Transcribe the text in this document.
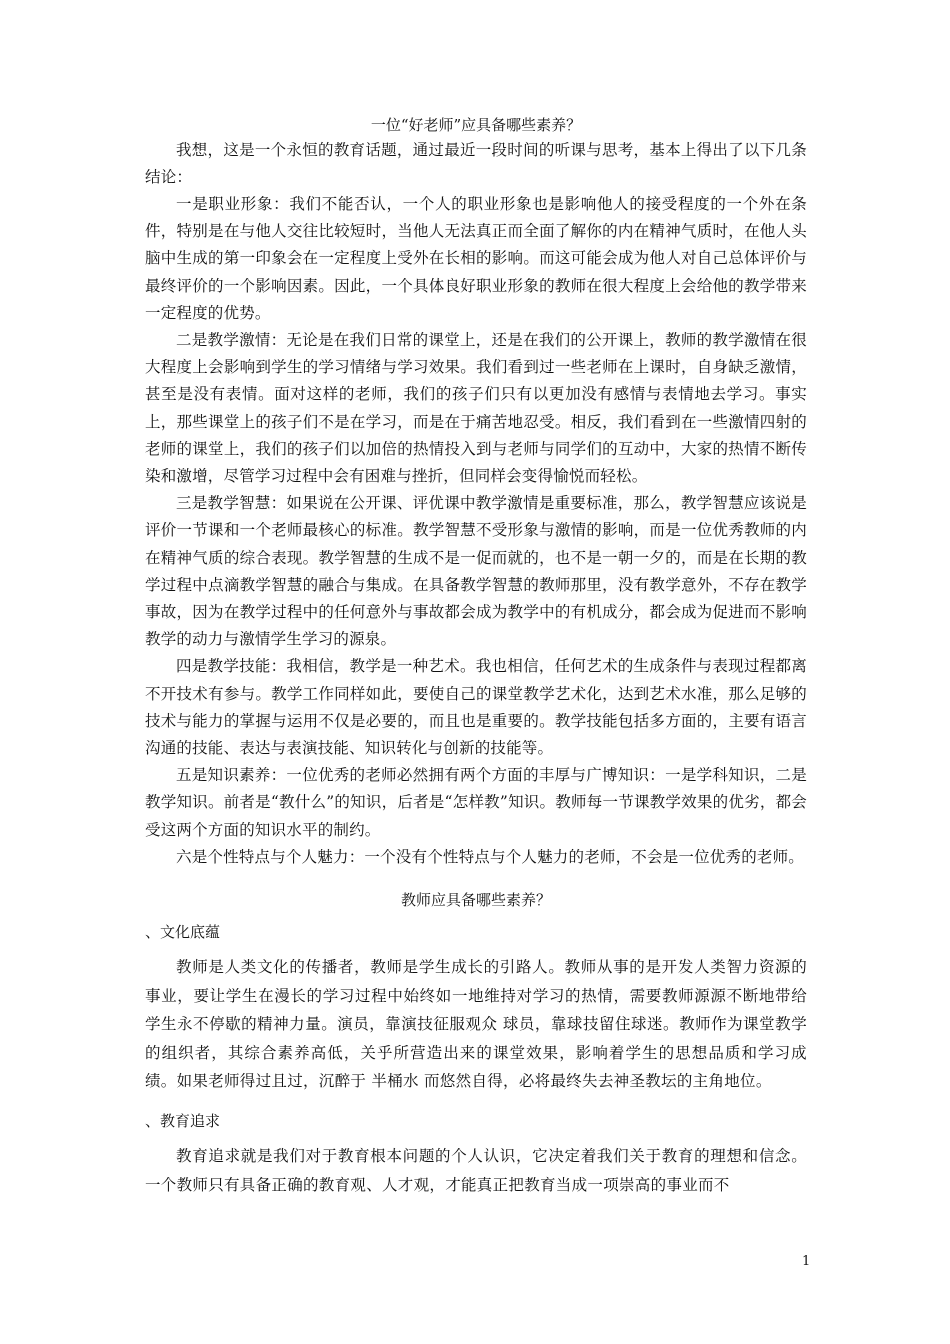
一位“好老师”应具备哪些素养？

我想，这是一个永恒的教育话题，通过最近一段时间的听课与思考，基本上得出了以下几条结论：

一是职业形象：我们不能否认，一个人的职业形象也是影响他人的接受程度的一个外在条件，特别是在与他人交往比较短时，当他人无法真正而全面了解你的内在精神气质时，在他人头脑中生成的第一印象会在一定程度上受外在长相的影响。而这可能会成为他人对自己总体评价与最终评价的一个影响因素。因此，一个具体良好职业形象的教师在很大程度上会给他的教学带来一定程度的优势。

二是教学激情：无论是在我们日常的课堂上，还是在我们的公开课上，教师的教学激情在很大程度上会影响到学生的学习情绪与学习效果。我们看到过一些老师在上课时，自身缺乏激情，甚至是没有表情。面对这样的老师，我们的孩子们只有以更加没有感情与表情地去学习。事实上，那些课堂上的孩子们不是在学习，而是在于痛苦地忍受。相反，我们看到在一些激情四射的老师的课堂上，我们的孩子们以加倍的热情投入到与老师与同学们的互动中，大家的热情不断传染和激增，尽管学习过程中会有困难与挫折，但同样会变得愉悦而轻松。

三是教学智慧：如果说在公开课、评优课中教学激情是重要标准，那么，教学智慧应该说是评价一节课和一个老师最核心的标准。教学智慧不受形象与激情的影响，而是一位优秀教师的内在精神气质的综合表现。教学智慧的生成不是一促而就的，也不是一朝一夕的，而是在长期的教学过程中点滴教学智慧的融合与集成。在具备教学智慧的教师那里，没有教学意外，不存在教学事故，因为在教学过程中的任何意外与事故都会成为教学中的有机成分，都会成为促进而不影响教学的动力与激情学生学习的源泉。

四是教学技能：我相信，教学是一种艺术。我也相信，任何艺术的生成条件与表现过程都离不开技术有参与。教学工作同样如此，要使自己的课堂教学艺术化，达到艺术水准，那么足够的技术与能力的掌握与运用不仅是必要的，而且也是重要的。教学技能包括多方面的，主要有语言沟通的技能、表达与表演技能、知识转化与创新的技能等。

五是知识素养：一位优秀的老师必然拥有两个方面的丰厚与广博知识：一是学科知识，二是教学知识。前者是“教什么”的知识，后者是“怎样教”知识。教师每一节课教学效果的优劣，都会受这两个方面的知识水平的制约。

六是个性特点与个人魅力：一个没有个性特点与个人魅力的老师，不会是一位优秀的老师。

教师应具备哪些素养？
、文化底蕴

教师是人类文化的传播者，教师是学生成长的引路人。教师从事的是开发人类智力资源的事业，要让学生在漫长的学习过程中始终如一地维持对学习的热情，需要教师源源不断地带给学生永不停歇的精神力量。演员，靠演技征服观众 球员，靠球技留住球迷。教师作为课堂教学的组织者，其综合素养高低，关乎所营造出来的课堂效果，影响着学生的思想品质和学习成绩。如果老师得过且过，沉醉于 半桶水 而悠然自得，必将最终失去神圣教坛的主角地位。

、教育追求

教育追求就是我们对于教育根本问题的个人认识，它决定着我们关于教育的理想和信念。一个教师只有具备正确的教育观、人才观，才能真正把教育当成一项崇高的事业而不

1
